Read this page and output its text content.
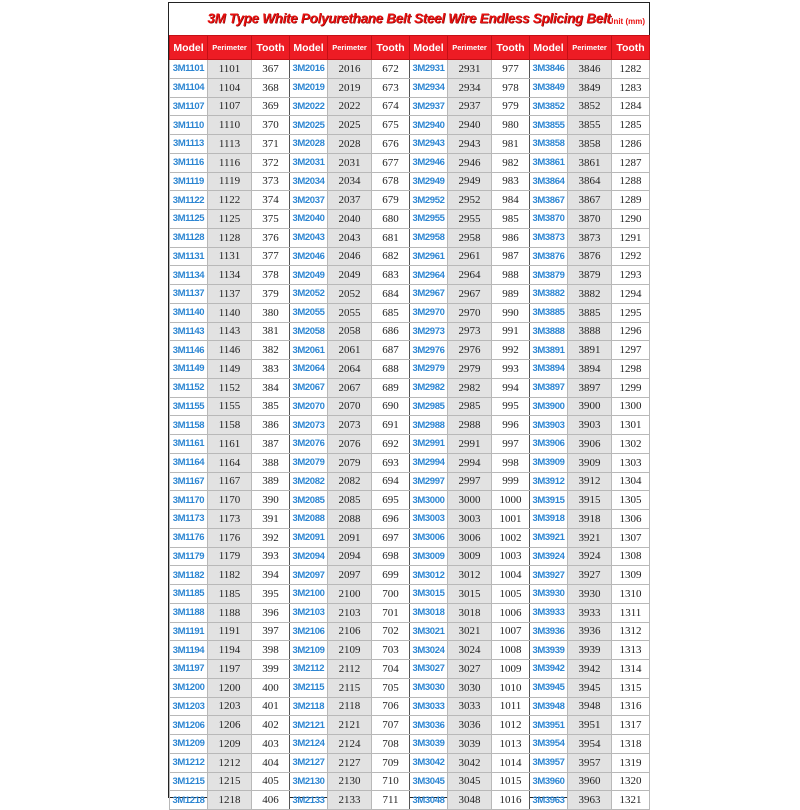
3M Type White Polyurethane Belt Steel Wire Endless Splicing Belt
Unit (mm)
Model	Perimeter	Tooth	Model	Perimeter	Tooth	Model	Perimeter	Tooth	Model	Perimeter	Tooth
3M1101	1101	367	3M2016	2016	672	3M2931	2931	977	3M3846	3846	1282
3M1104	1104	368	3M2019	2019	673	3M2934	2934	978	3M3849	3849	1283
3M1107	1107	369	3M2022	2022	674	3M2937	2937	979	3M3852	3852	1284
3M1110	1110	370	3M2025	2025	675	3M2940	2940	980	3M3855	3855	1285
3M1113	1113	371	3M2028	2028	676	3M2943	2943	981	3M3858	3858	1286
3M1116	1116	372	3M2031	2031	677	3M2946	2946	982	3M3861	3861	1287
3M1119	1119	373	3M2034	2034	678	3M2949	2949	983	3M3864	3864	1288
3M1122	1122	374	3M2037	2037	679	3M2952	2952	984	3M3867	3867	1289
3M1125	1125	375	3M2040	2040	680	3M2955	2955	985	3M3870	3870	1290
3M1128	1128	376	3M2043	2043	681	3M2958	2958	986	3M3873	3873	1291
3M1131	1131	377	3M2046	2046	682	3M2961	2961	987	3M3876	3876	1292
3M1134	1134	378	3M2049	2049	683	3M2964	2964	988	3M3879	3879	1293
3M1137	1137	379	3M2052	2052	684	3M2967	2967	989	3M3882	3882	1294
3M1140	1140	380	3M2055	2055	685	3M2970	2970	990	3M3885	3885	1295
3M1143	1143	381	3M2058	2058	686	3M2973	2973	991	3M3888	3888	1296
3M1146	1146	382	3M2061	2061	687	3M2976	2976	992	3M3891	3891	1297
3M1149	1149	383	3M2064	2064	688	3M2979	2979	993	3M3894	3894	1298
3M1152	1152	384	3M2067	2067	689	3M2982	2982	994	3M3897	3897	1299
3M1155	1155	385	3M2070	2070	690	3M2985	2985	995	3M3900	3900	1300
3M1158	1158	386	3M2073	2073	691	3M2988	2988	996	3M3903	3903	1301
3M1161	1161	387	3M2076	2076	692	3M2991	2991	997	3M3906	3906	1302
3M1164	1164	388	3M2079	2079	693	3M2994	2994	998	3M3909	3909	1303
3M1167	1167	389	3M2082	2082	694	3M2997	2997	999	3M3912	3912	1304
3M1170	1170	390	3M2085	2085	695	3M3000	3000	1000	3M3915	3915	1305
3M1173	1173	391	3M2088	2088	696	3M3003	3003	1001	3M3918	3918	1306
3M1176	1176	392	3M2091	2091	697	3M3006	3006	1002	3M3921	3921	1307
3M1179	1179	393	3M2094	2094	698	3M3009	3009	1003	3M3924	3924	1308
3M1182	1182	394	3M2097	2097	699	3M3012	3012	1004	3M3927	3927	1309
3M1185	1185	395	3M2100	2100	700	3M3015	3015	1005	3M3930	3930	1310
3M1188	1188	396	3M2103	2103	701	3M3018	3018	1006	3M3933	3933	1311
3M1191	1191	397	3M2106	2106	702	3M3021	3021	1007	3M3936	3936	1312
3M1194	1194	398	3M2109	2109	703	3M3024	3024	1008	3M3939	3939	1313
3M1197	1197	399	3M2112	2112	704	3M3027	3027	1009	3M3942	3942	1314
3M1200	1200	400	3M2115	2115	705	3M3030	3030	1010	3M3945	3945	1315
3M1203	1203	401	3M2118	2118	706	3M3033	3033	1011	3M3948	3948	1316
3M1206	1206	402	3M2121	2121	707	3M3036	3036	1012	3M3951	3951	1317
3M1209	1209	403	3M2124	2124	708	3M3039	3039	1013	3M3954	3954	1318
3M1212	1212	404	3M2127	2127	709	3M3042	3042	1014	3M3957	3957	1319
3M1215	1215	405	3M2130	2130	710	3M3045	3045	1015	3M3960	3960	1320
3M1218	1218	406	3M2133	2133	711	3M3048	3048	1016	3M3963	3963	1321
